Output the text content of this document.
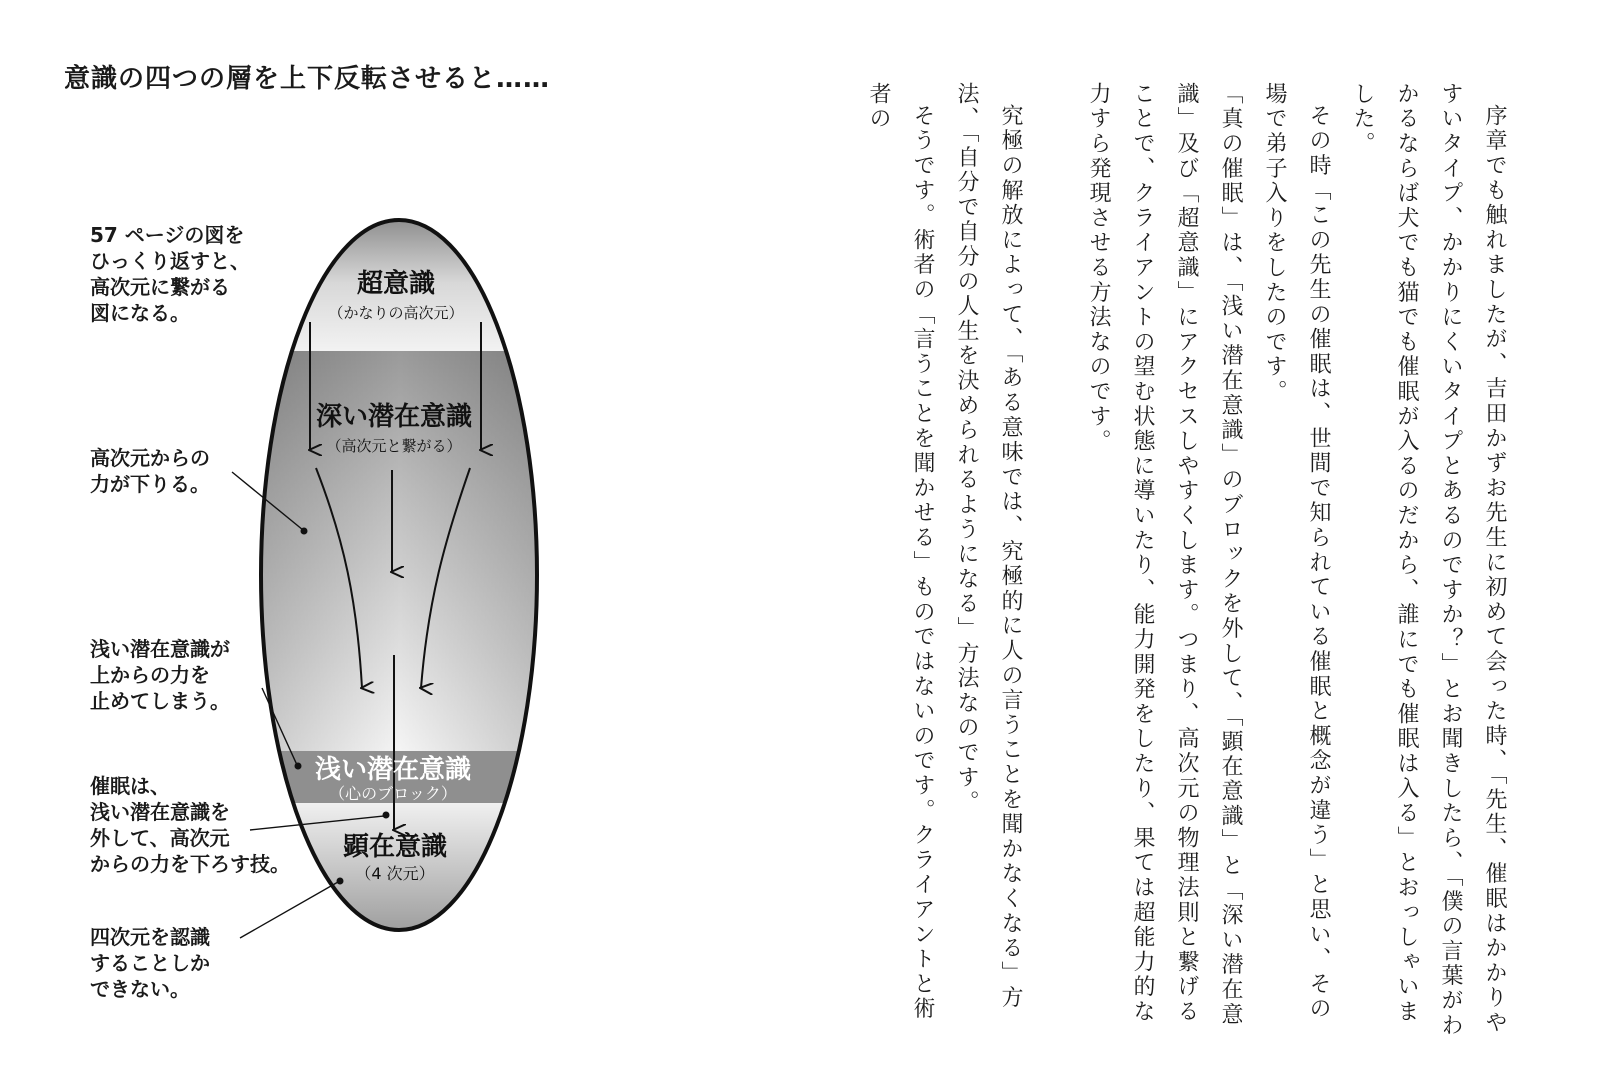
意識の四つの層を上下反転させると……
超意識
（かなりの高次元）
深い潜在意識
（高次元と繋がる）
浅い潜在意識
（心のブロック）
顕在意識
（4 次元）
57 ページの図を
ひっくり返すと、
高次元に繋がる
図になる。
高次元からの
力が下りる。
浅い潜在意識が
上からの力を
止めてしまう。
催眠は、
浅い潜在意識を
外して、高次元
からの力を下ろす技。
四次元を認識
することしか
できない。	序章でも触れましたが、吉田かずお先生に初めて会った時、「先生、催眠はかかりやすいタイプ、かかりにくいタイプとあるのですか？」とお聞きしたら、「僕の言葉がわかるならば犬でも猫でも催眠が入るのだから、誰にでも催眠は入る」とおっしゃいました。

その時「この先生の催眠は、世間で知られている催眠と概念が違う」と思い、その場で弟子入りをしたのです。

「真の催眠」は、「浅い潜在意識」のブロックを外して、「顕在意識」と「深い潜在意識」及び「超意識」にアクセスしやすくします。つまり、高次元の物理法則と繋げることで、クライアントの望む状態に導いたり、能力開発をしたり、果ては超能力的な力すら発現させる方法なのです。

究極の解放によって、「ある意味では、究極的に人の言うことを聞かなくなる」方法、「自分で自分の人生を決められるようになる」方法なのです。

そうです。術者の「言うことを聞かせる」ものではないのです。クライアントと術者の
